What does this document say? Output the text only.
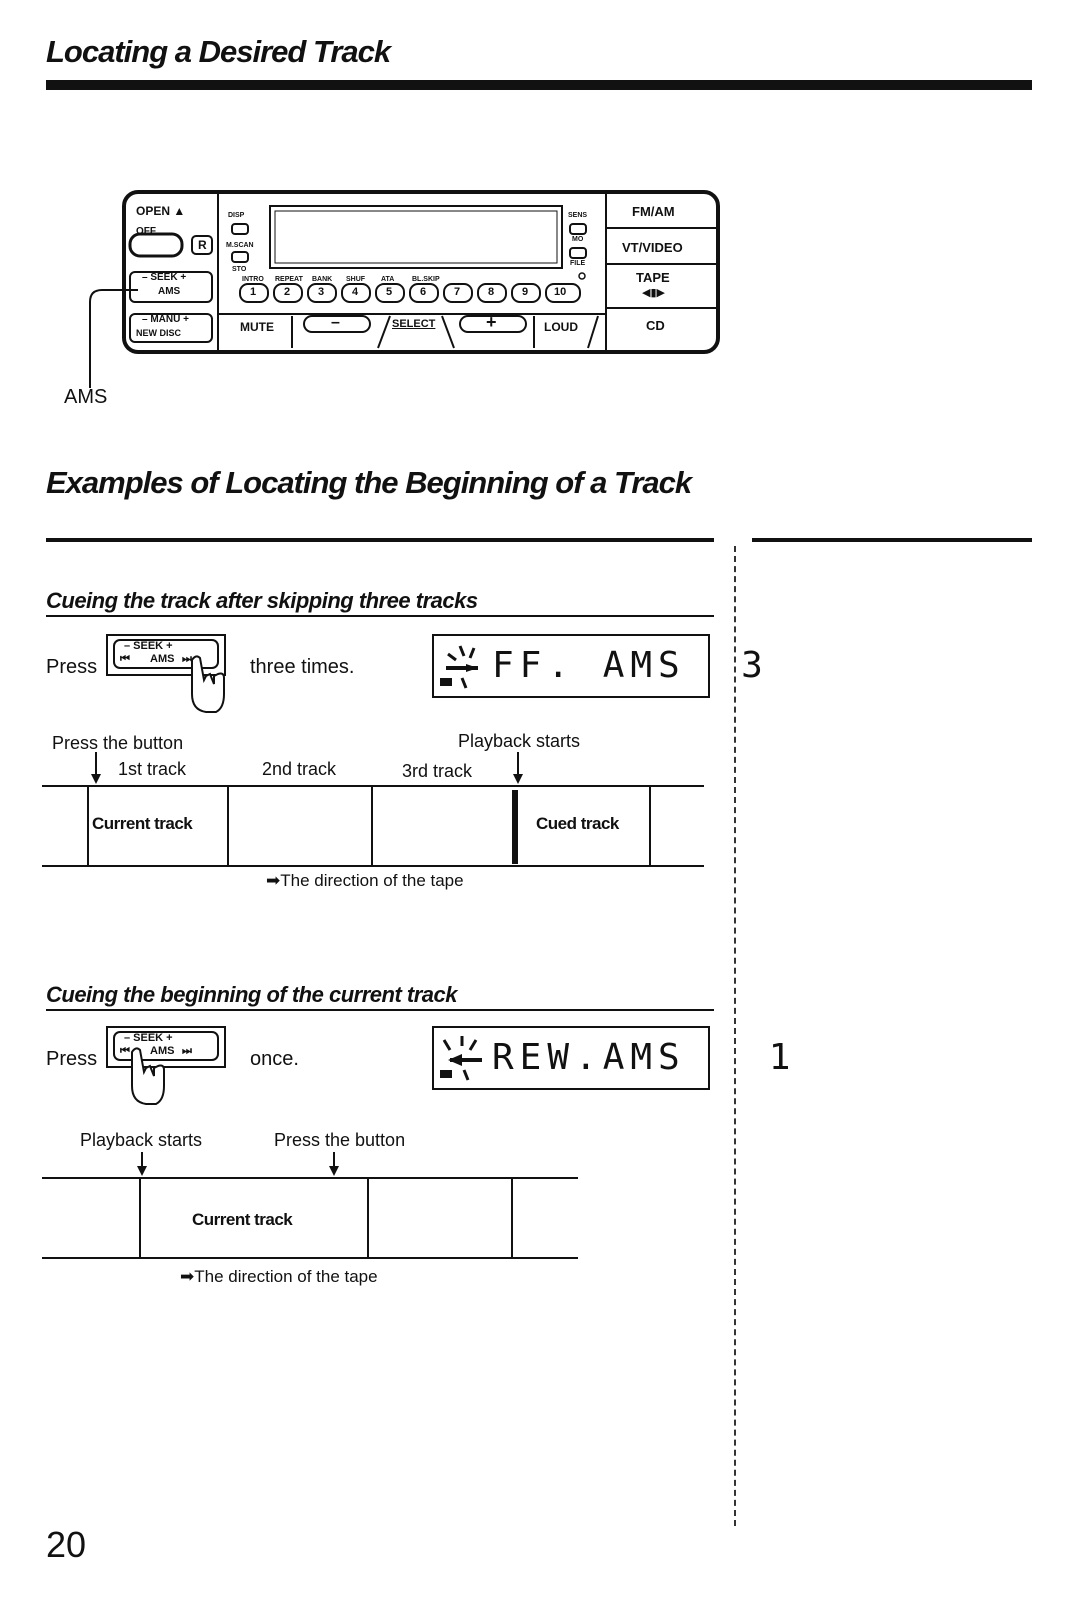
Locating a Desired Track
OPEN ▲
OFF
R
– SEEK +
AMS
– MANU +
NEW DISC
DISP
M.SCAN
STO
SENS
MO
FILE
INTRO REPEAT BANK SHUF ATA	BL.SKIP
1	2	3	4	5	6	7	8	9 10
MUTE	–	SELECT	+	LOUD
FM/AM
VT/VIDEO
TAPE
◀▮▶
CD
AMS
Examples of Locating the Beginning of a Track
Cueing the track after skipping three tracks
Press
– SEEK +
AMS
⏮	⏭	three times.

	FF. AMS  3

Press the button	Playback starts
1st track	2nd track	3rd track
Current track	Cued track
➡The direction of the tape
Cueing the beginning of the current track
Press
– SEEK +
AMS
⏮	⏭	once.

	REW.AMS   1

Playback starts	Press the button
Current track
➡The direction of the tape
20
